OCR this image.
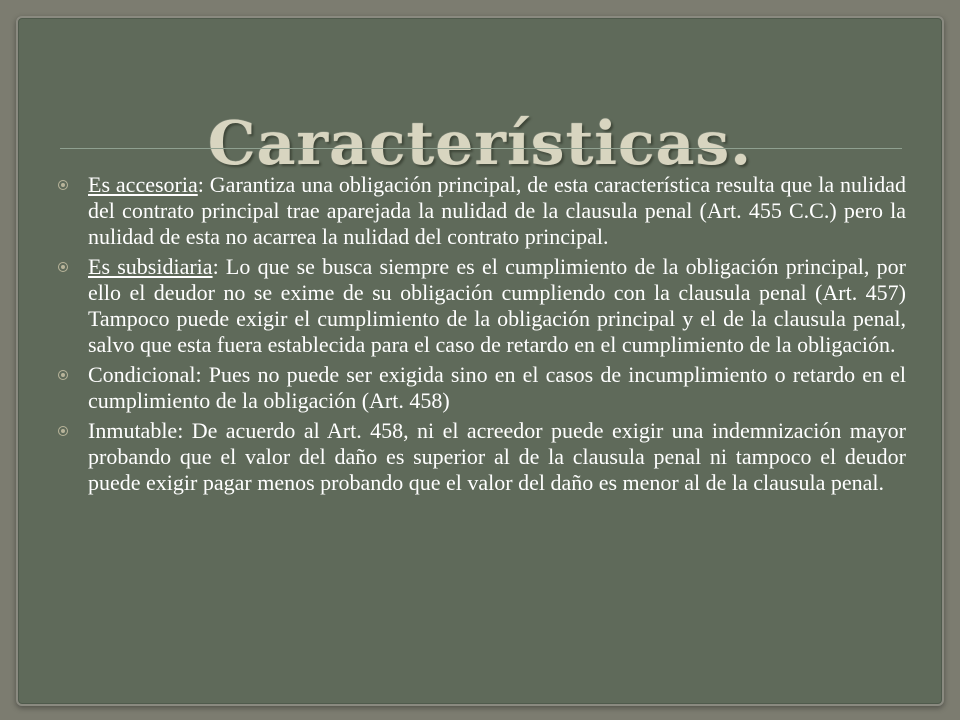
Características.
Es accesoria: Garantiza una obligación principal, de esta característica resulta que la nulidad del contrato principal trae aparejada la nulidad de la clausula penal (Art. 455 C.C.) pero la nulidad de esta no acarrea la nulidad del contrato principal.
Es subsidiaria: Lo que se busca siempre es el cumplimiento de la obligación principal, por ello el deudor no se exime de su obligación cumpliendo con la clausula penal (Art. 457) Tampoco puede exigir el cumplimiento de la obligación principal y el de la clausula penal, salvo que esta fuera establecida para el caso de retardo en el cumplimiento de la obligación.
Condicional: Pues no puede ser exigida sino en el casos de incumplimiento o retardo en el cumplimiento de la obligación (Art. 458)
Inmutable: De acuerdo al Art. 458, ni el acreedor puede exigir una indemnización mayor probando que el valor del daño es superior al de la clausula penal ni tampoco el deudor puede exigir pagar menos probando que el valor del daño es menor al de la clausula penal.
